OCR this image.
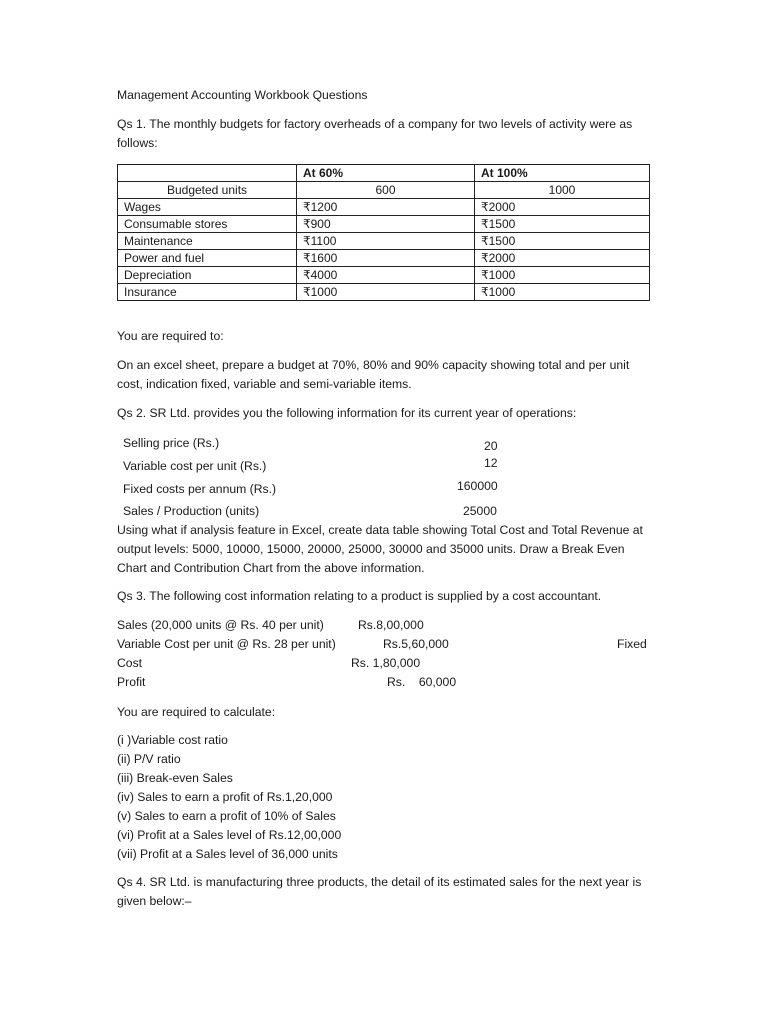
Management Accounting Workbook Questions
Qs 1. The monthly budgets for factory overheads of a company for two levels of activity were as follows:
	At 60%	At 100%
Budgeted units	600	1000
Wages	₹1200	₹2000
Consumable stores	₹900	₹1500
Maintenance	₹1100	₹1500
Power and fuel	₹1600	₹2000
Depreciation	₹4000	₹1000
Insurance	₹1000	₹1000
You are required to:
On an excel sheet, prepare a budget at 70%, 80% and 90% capacity showing total and per unit cost, indication fixed, variable and semi-variable items.
Qs 2. SR Ltd. provides you the following information for its current year of operations:
Selling price (Rs.)	20
Variable cost per unit (Rs.)	12
Fixed costs per annum (Rs.)	160000
Sales / Production (units)	25000
Using what if analysis feature in Excel, create data table showing Total Cost and Total Revenue at output levels: 5000, 10000, 15000, 20000, 25000, 30000 and 35000 units. Draw a Break Even Chart and Contribution Chart from the above information.
Qs 3. The following cost information relating to a product is supplied by a cost accountant.
Sales (20,000 units @ Rs. 40 per unit)	Rs.8,00,000
Variable Cost per unit @ Rs. 28 per unit)	Rs.5,60,000	Fixed
Cost	Rs. 1,80,000
Profit	Rs.    60,000
You are required to calculate:
(i )Variable cost ratio
(ii) P/V ratio
(iii) Break-even Sales
(iv) Sales to earn a profit of Rs.1,20,000
(v) Sales to earn a profit of 10% of Sales
(vi) Profit at a Sales level of Rs.12,00,000
(vii) Profit at a Sales level of 36,000 units
Qs 4. SR Ltd. is manufacturing three products, the detail of its estimated sales for the next year is given below:–
